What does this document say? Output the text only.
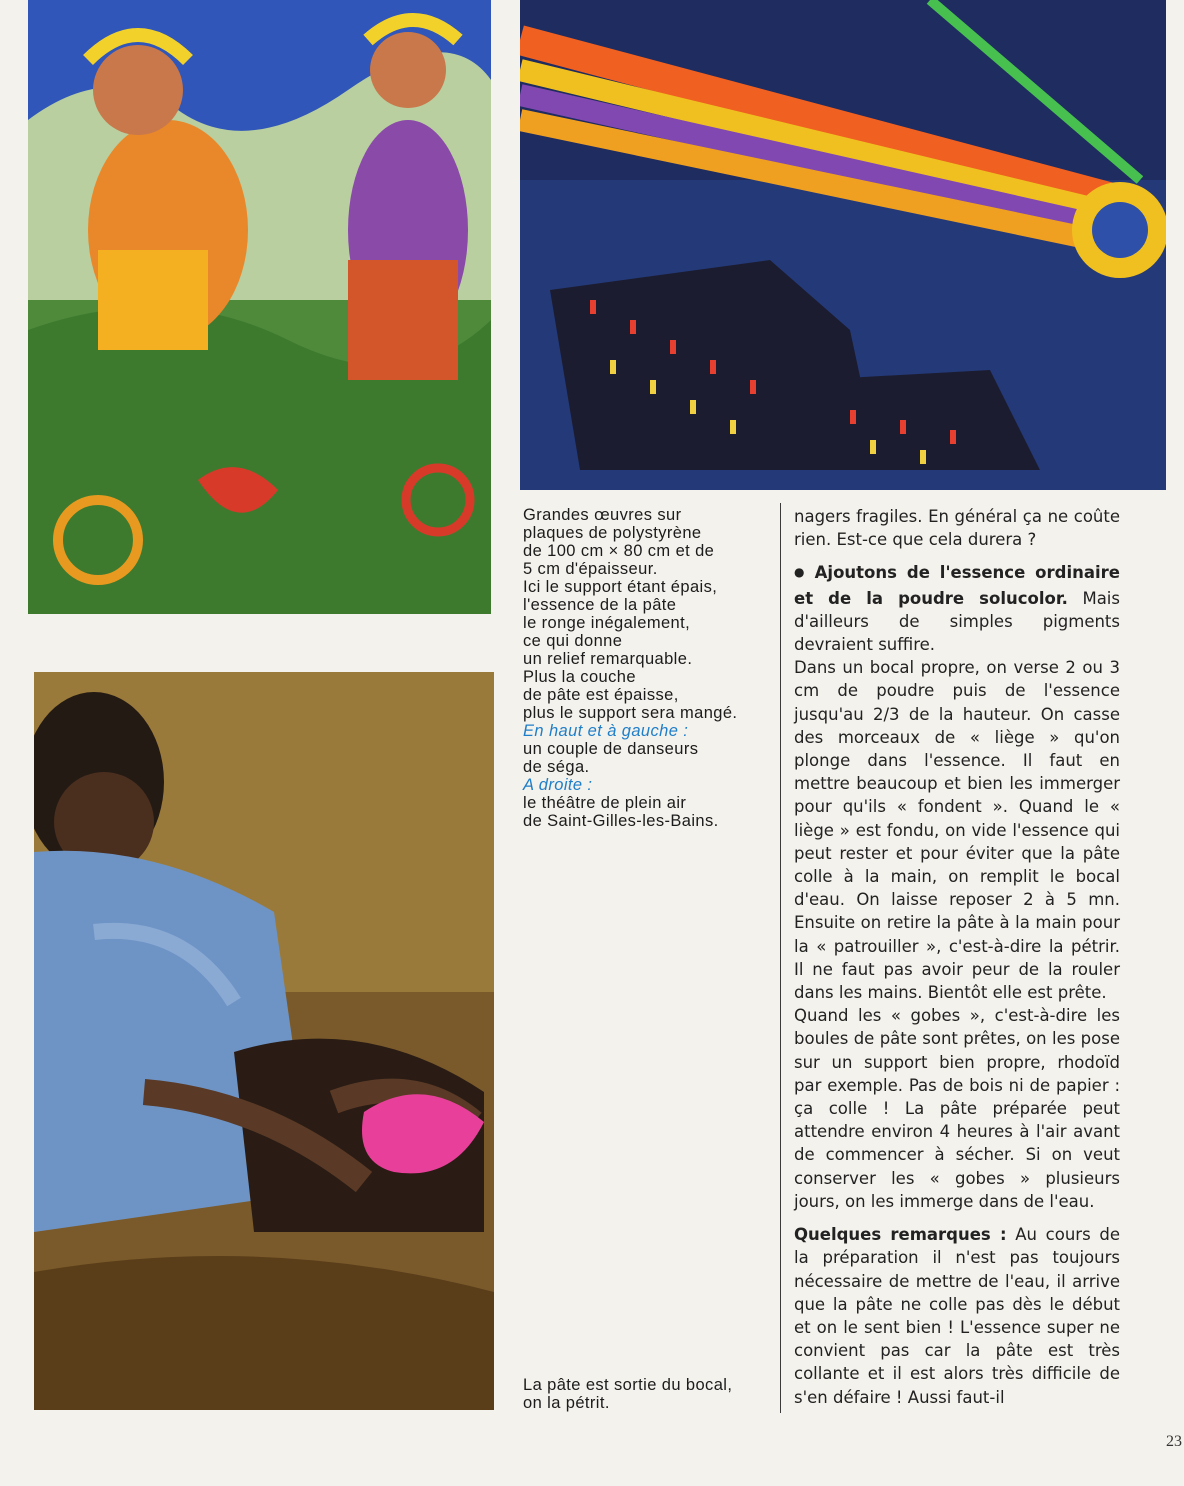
Grandes œuvres sur

plaques de polystyrène

de 100 cm × 80 cm et de

5 cm d'épaisseur.

Ici le support étant épais,

l'essence de la pâte

le ronge inégalement,

ce qui donne

un relief remarquable.

Plus la couche

de pâte est épaisse,

plus le support sera mangé.

En haut et à gauche :

un couple de danseurs

de séga.

A droite :

le théâtre de plein air

de Saint-Gilles-les-Bains.

La pâte est sortie du bocal,

on la pétrit.

nagers fragiles. En général ça ne coûte rien. Est-ce que cela durera ?

● Ajoutons de l'essence ordinaire et de la poudre solucolor. Mais d'ailleurs de simples pigments devraient suffire.

Dans un bocal propre, on verse 2 ou 3 cm de poudre puis de l'essence jusqu'au 2/3 de la hauteur. On casse des morceaux de « liège » qu'on plonge dans l'essence. Il faut en mettre beaucoup et bien les immerger pour qu'ils « fondent ». Quand le « liège » est fondu, on vide l'essence qui peut rester et pour éviter que la pâte colle à la main, on remplit le bocal d'eau. On laisse reposer 2 à 5 mn. Ensuite on retire la pâte à la main pour la « patrouiller », c'est-à-dire la pétrir. Il ne faut pas avoir peur de la rouler dans les mains. Bientôt elle est prête.

Quand les « gobes », c'est-à-dire les boules de pâte sont prêtes, on les pose sur un support bien propre, rhodoïd par exemple. Pas de bois ni de papier : ça colle ! La pâte préparée peut attendre environ 4 heures à l'air avant de commencer à sécher. Si on veut conserver les « gobes » plusieurs jours, on les immerge dans de l'eau.

Quelques remarques : Au cours de la préparation il n'est pas toujours nécessaire de mettre de l'eau, il arrive que la pâte ne colle pas dès le début et on le sent bien ! L'essence super ne convient pas car la pâte est très collante et il est alors très difficile de s'en défaire ! Aussi faut-il

23
